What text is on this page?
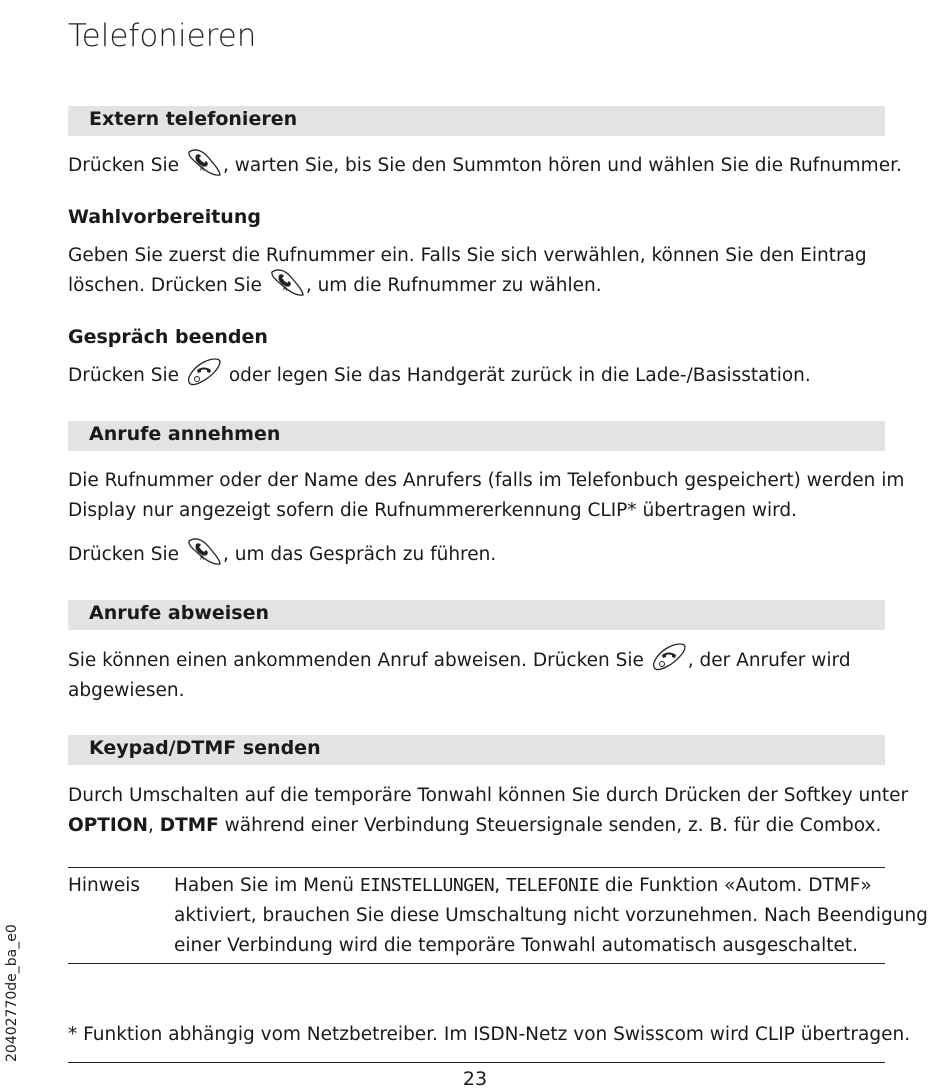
Telefonieren
Extern telefonieren
Drücken Sie	R , warten Sie, bis Sie den Summton hören und wählen Sie die Rufnummer.
Wahlvorbereitung
Geben Sie zuerst die Rufnummer ein. Falls Sie sich verwählen, können Sie den Eintrag
löschen. Drücken Sie	R , um die Rufnummer zu wählen.
Gespräch beenden
Drücken Sie	oder legen Sie das Handgerät zurück in die Lade-/Basisstation.
Anrufe annehmen
Die Rufnummer oder der Name des Anrufers (falls im Telefonbuch gespeichert) werden im
Display nur angezeigt sofern die Rufnummererkennung CLIP* übertragen wird.
Drücken Sie	R , um das Gespräch zu führen.
Anrufe abweisen
Sie können einen ankommenden Anruf abweisen. Drücken Sie , der Anrufer wird
abgewiesen.
Keypad/DTMF senden
Durch Umschalten auf die temporäre Tonwahl können Sie durch Drücken der Softkey unter
OPTION, DTMF während einer Verbindung Steuersignale senden, z. B. für die Combox.
Hinweis Haben Sie im Menü EINSTELLUNGEN, TELEFONIE die Funktion «Autom. DTMF»
aktiviert, brauchen Sie diese Umschaltung nicht vorzunehmen. Nach Beendigung
einer Verbindung wird die temporäre Tonwahl automatisch ausgeschaltet.
* Funktion abhängig vom Netzbetreiber. Im ISDN-Netz von Swisscom wird CLIP übertragen.
20402770de_ba_e0
23
